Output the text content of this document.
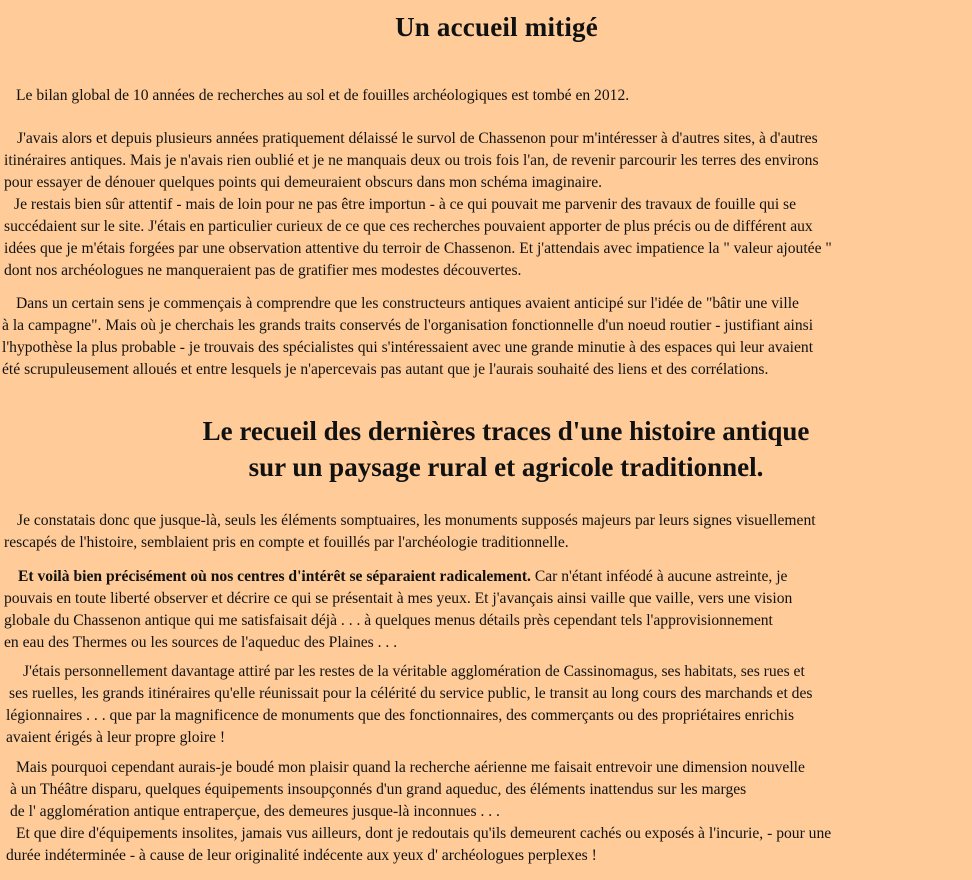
Un accueil mitigé
Le bilan global de 10 années de recherches au sol et de fouilles archéologiques est tombé en 2012.
J'avais alors et depuis plusieurs années pratiquement délaissé le survol de Chassenon pour m'intéresser à d'autres sites, à d'autres
itinéraires antiques. Mais je n'avais rien oublié et je ne manquais deux ou trois fois l'an, de revenir parcourir les terres des environs
pour essayer de dénouer quelques points qui demeuraient obscurs dans mon schéma imaginaire.
Je restais bien sûr attentif - mais de loin pour ne pas être importun - à ce qui pouvait me parvenir des travaux de fouille qui se
succédaient sur le site. J'étais en particulier curieux de ce que ces recherches pouvaient apporter de plus précis ou de différent aux
idées que je m'étais forgées par une observation attentive du terroir de Chassenon. Et j'attendais avec impatience la " valeur ajoutée "
dont nos archéologues ne manqueraient pas de gratifier mes modestes découvertes.
Dans un certain sens je commençais à comprendre que les constructeurs antiques avaient anticipé sur l'idée de "bâtir une ville
à la campagne". Mais où je cherchais les grands traits conservés de l'organisation fonctionnelle d'un noeud routier - justifiant ainsi
l'hypothèse la plus probable - je trouvais des spécialistes qui s'intéressaient avec une grande minutie à des espaces qui leur avaient
été scrupuleusement alloués et entre lesquels je n'apercevais pas autant que je l'aurais souhaité des liens et des corrélations.
Le recueil des dernières traces d'une histoire antique
sur un paysage rural et agricole traditionnel.
Je constatais donc que jusque-là, seuls les éléments somptuaires, les monuments supposés majeurs par leurs signes visuellement
rescapés de l'histoire, semblaient pris en compte et fouillés par l'archéologie traditionnelle.
Et voilà bien précisément où nos centres d'intérêt se séparaient radicalement. Car n'étant inféodé à aucune astreinte, je
pouvais en toute liberté observer et décrire ce qui se présentait à mes yeux. Et j'avançais ainsi vaille que vaille, vers une vision
globale du Chassenon antique qui me satisfaisait déjà . . . à quelques menus détails près cependant tels l'approvisionnement
en eau des Thermes ou les sources de l'aqueduc des Plaines . . .
J'étais personnellement davantage attiré par les restes de la véritable agglomération de Cassinomagus, ses habitats, ses rues et
ses ruelles, les grands itinéraires qu'elle réunissait pour la célérité du service public, le transit au long cours des marchands et des
légionnaires . . . que par la magnificence de monuments que des fonctionnaires, des commerçants ou des propriétaires enrichis
avaient érigés à leur propre gloire !
Mais pourquoi cependant aurais-je boudé mon plaisir quand la recherche aérienne me faisait entrevoir une dimension nouvelle
à un Théâtre disparu, quelques équipements insoupçonnés d'un grand aqueduc, des éléments inattendus sur les marges
de l' agglomération antique entraperçue, des demeures jusque-là inconnues . . .
Et que dire d'équipements insolites, jamais vus ailleurs, dont je redoutais qu'ils demeurent cachés ou exposés à l'incurie, - pour une
durée indéterminée - à cause de leur originalité indécente aux yeux d' archéologues perplexes !
